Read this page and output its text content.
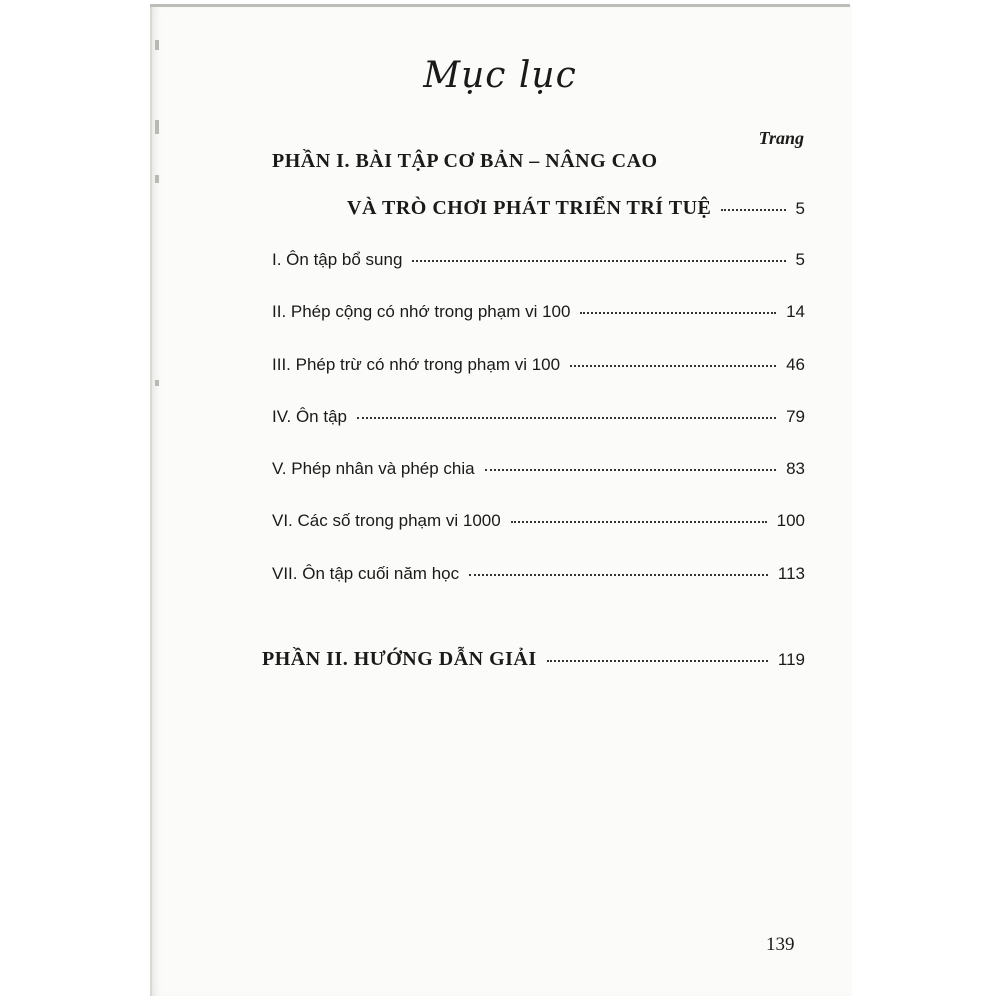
Mục lục
Trang
PHẦN I. BÀI TẬP CƠ BẢN – NÂNG CAO
VÀ TRÒ CHƠI PHÁT TRIỂN TRÍ TUỆ	5
I. Ôn tập bổ sung	5
II. Phép cộng có nhớ trong phạm vi 100	14
III. Phép trừ có nhớ trong phạm vi 100	46
IV. Ôn tập	79
V. Phép nhân và phép chia	83
VI. Các số trong phạm vi 1000	100
VII. Ôn tập cuối năm học	113
PHẦN II. HƯỚNG DẪN GIẢI	119
139
